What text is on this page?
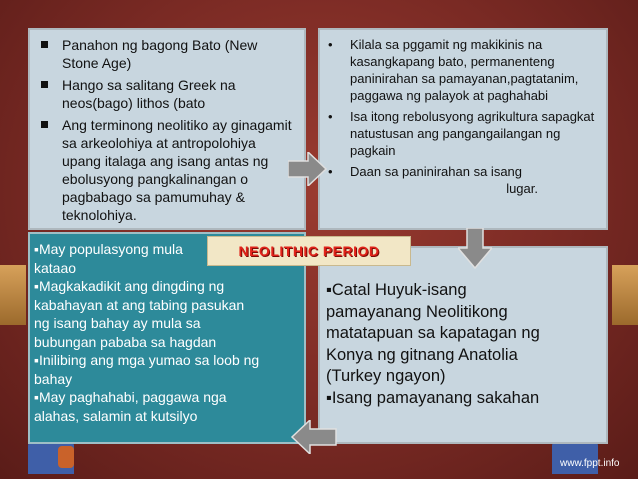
Panahon ng bagong Bato (New Stone Age)
Hango sa salitang Greek na neos(bago) lithos (bato
Ang terminong neolitiko ay ginagamit sa arkeolohiya at antropolohiya upang italaga ang isang antas ng ebolusyong pangkalinangan o pagbabago sa pamumuhay & teknolohiya.
• Kilala sa pggamit ng makikinis na kasangkapang bato, permanenteng paninirahan sa pamayanan,pagtatanim, paggawa ng palayok at paghahabi
• Isa itong rebolusyong agrikultura sapagkat natustusan ang pangangailangan ng pagkain
• Daan sa paninirahan sa isang
lugar.
▪May populasyong mula
kataao
▪Magkakadikit ang dingding ng
kabahayan at ang tabing pasukan
ng isang bahay ay mula sa
bubungan pababa sa hagdan
▪Inilibing ang mga yumao sa loob ng
bahay
▪May paghahabi, paggawa nga
alahas, salamin at kutsilyo
▪Catal Huyuk-isang
pamayanang Neolitikong
matatapuan sa kapatagan ng
Konya ng gitnang Anatolia
(Turkey ngayon)
▪Isang pamayanang sakahan
NEOLITHIC PERIOD
www.fppt.info
